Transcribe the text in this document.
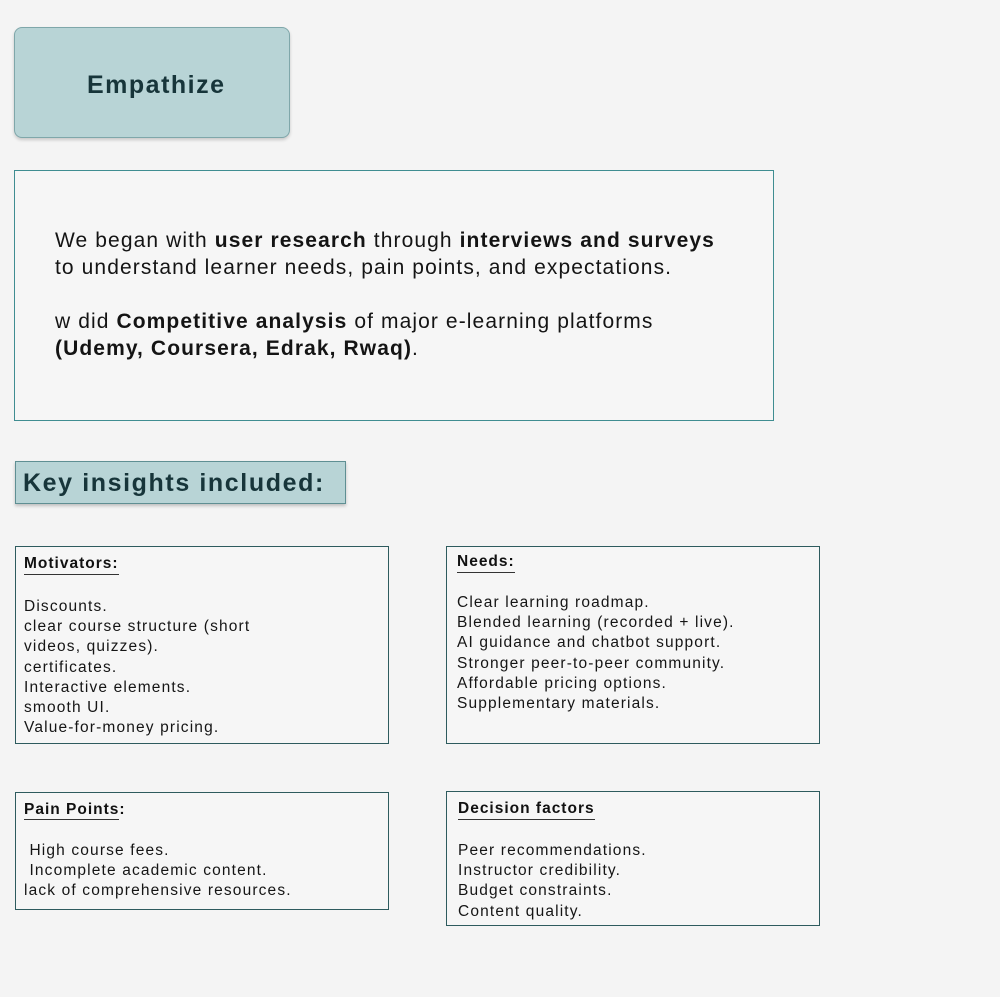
Empathize

We began with user research through interviews and surveys to understand learner needs, pain points, and expectations.

w did Competitive analysis of major e-learning platforms (Udemy, Coursera, Edrak, Rwaq).

Key insights included:
Motivators:
Discounts.
clear course structure (short
videos, quizzes).
certificates.
Interactive elements.
smooth UI.
Value-for-money pricing.
Needs:
Clear learning roadmap.
Blended learning (recorded + live).
AI guidance and chatbot support.
Stronger peer-to-peer community.
Affordable pricing options.
Supplementary materials.
Pain Points:
High course fees.
Incomplete academic content.
lack of comprehensive resources.
Decision factors
Peer recommendations.
Instructor credibility.
Budget constraints.
Content quality.
